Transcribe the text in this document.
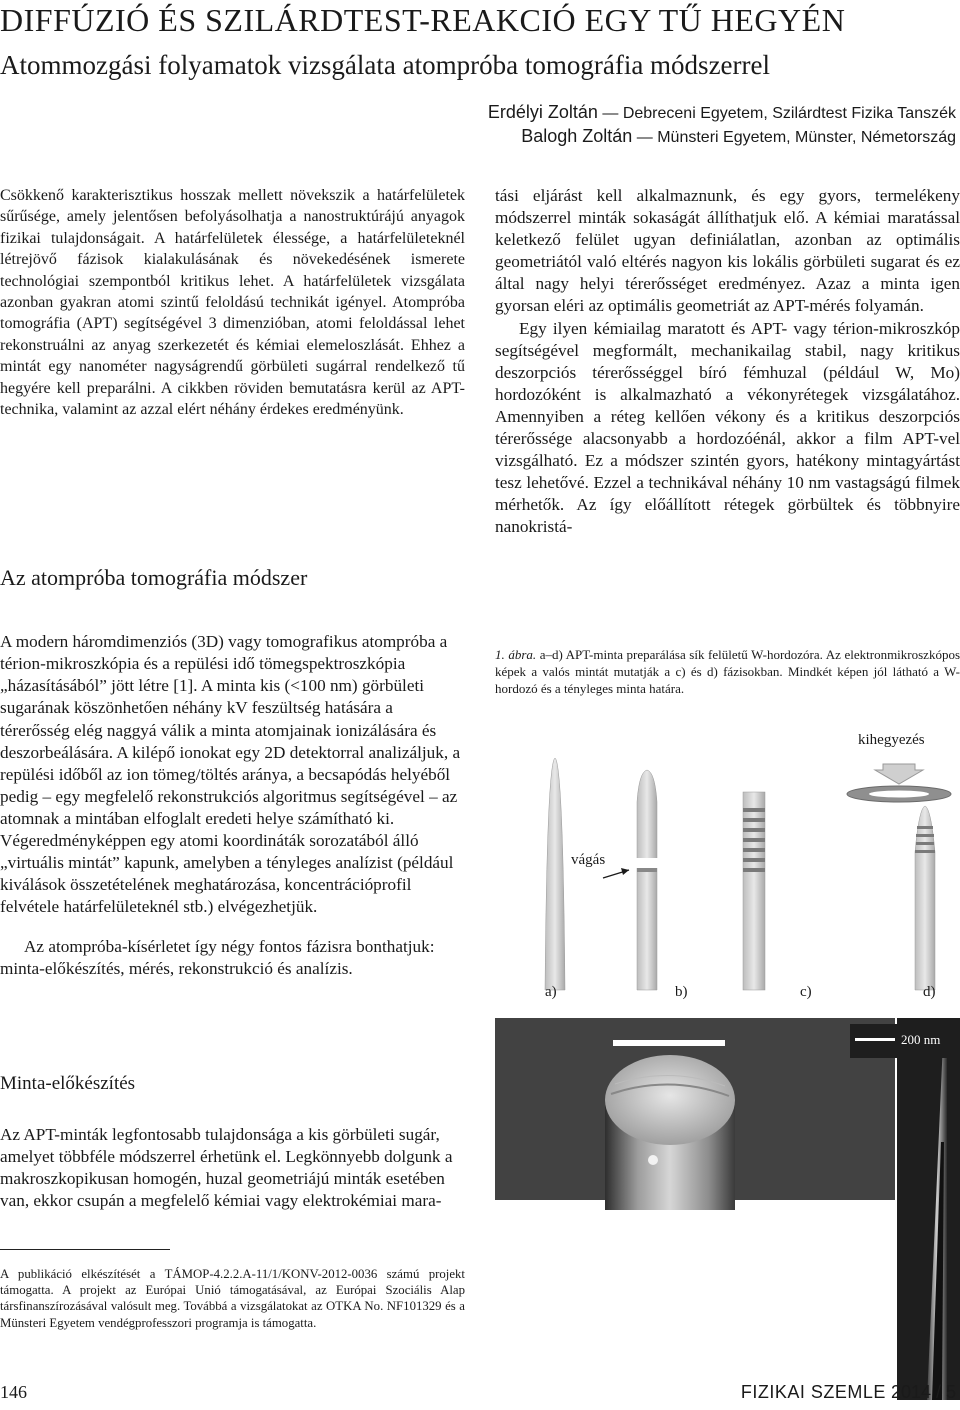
DIFFÚZIÓ ÉS SZILÁRDTEST-REAKCIÓ EGY TŰ HEGYÉN
Atommozgási folyamatok vizsgálata atompróba tomográfia módszerrel
Erdélyi Zoltán — Debreceni Egyetem, Szilárdtest Fizika Tanszék
Balogh Zoltán — Münsteri Egyetem, Münster, Németország

Csökkenő karakterisztikus hosszak mellett növekszik a határfelületek sűrűsége, amely jelentősen befolyásolhatja a nanostruktúrájú anyagok fizikai tulajdonságait. A határfelületek élessége, a határfelületeknél létrejövő fázisok kialakulásának és növekedésének ismerete technológiai szempontból kritikus lehet. A határfelületek vizsgálata azonban gyakran atomi szintű feloldású technikát igényel. Atompróba tomográfia (APT) segítségével 3 dimenzióban, atomi feloldással lehet rekonstruálni az anyag szerkezetét és kémiai elemeloszlását. Ehhez a mintát egy nanométer nagyságrendű görbületi sugárral rendelkező tű hegyére kell preparálni. A cikkben röviden bemutatásra kerül az APT-technika, valamint az azzal elért néhány érdekes eredményünk.

Az atompróba tomográfia módszer

A modern háromdimenziós (3D) vagy tomografikus atompróba a térion-mikroszkópia és a repülési idő tömegspektroszkópia „házasításából” jött létre [1]. A minta kis (<100 nm) görbületi sugarának köszönhetően néhány kV feszültség hatására a térerősség elég naggyá válik a minta atomjainak ionizálására és deszorbeálására. A kilépő ionokat egy 2D detektorral analizáljuk, a repülési időből az ion tömeg/töltés aránya, a becsapódás helyéből pedig – egy megfelelő rekonstrukciós algoritmus segítségével – az atomnak a mintában elfoglalt eredeti helye számítható ki. Végeredményképpen egy atomi koordináták sorozatából álló „virtuális mintát” kapunk, amelyben a tényleges analízist (például kiválások összetételének meghatározása, koncentrációprofil felvétele határfelületeknél stb.) elvégezhetjük.

Az atompróba-kísérletet így négy fontos fázisra bonthatjuk: minta-előkészítés, mérés, rekonstrukció és analízis.

Minta-előkészítés

Az APT-minták legfontosabb tulajdonsága a kis görbületi sugár, amelyet többféle módszerrel érhetünk el. Legkönnyebb dolgunk a makroszkopikusan homogén, huzal geometriájú minták esetében van, ekkor csupán a megfelelő kémiai vagy elektrokémiai mara-

A publikáció elkészítését a TÁMOP-4.2.2.A-11/1/KONV-2012-0036 számú projekt támogatta. A projekt az Európai Unió támogatásával, az Európai Szociális Alap társfinanszírozásával valósult meg. Továbbá a vizsgálatokat az OTKA No. NF101329 és a Münsteri Egyetem vendégprofesszori programja is támogatta.

tási eljárást kell alkalmaznunk, és egy gyors, termelékeny módszerrel minták sokaságát állíthatjuk elő. A kémiai maratással keletkező felület ugyan definiálatlan, azonban az optimális geometriától való eltérés nagyon kis lokális görbületi sugarat és ez által nagy helyi térerősséget eredményez. Azaz a minta igen gyorsan eléri az optimális geometriát az APT-mérés folyamán.

Egy ilyen kémiailag maratott és APT- vagy térion-mikroszkóp segítségével megformált, mechanikailag stabil, nagy kritikus deszorpciós térerősséggel bíró fémhuzal (például W, Mo) hordozóként is alkalmazható a vékonyrétegek vizsgálatához. Amennyiben a réteg kellően vékony és a kritikus deszorpciós térerőssége alacsonyabb a hordozóénál, akkor a film APT-vel vizsgálható. Ez a módszer szintén gyors, hatékony mintagyártást tesz lehetővé. Ezzel a technikával néhány 10 nm vastagságú filmek mérhetők. Az így előállított rétegek görbültek és többnyire nanokristá-

1. ábra. a–d) APT-minta preparálása sík felületű W-hordozóra. Az elektronmikroszkópos képek a valós mintát mutatják a c) és d) fázisokban. Mindkét képen jól látható a W-hordozó és a tényleges minta határa.
vágás
kihegyezés
a)	b)	c)	d)
200 nm
146	FIZIKAI SZEMLE 2014 / 5
